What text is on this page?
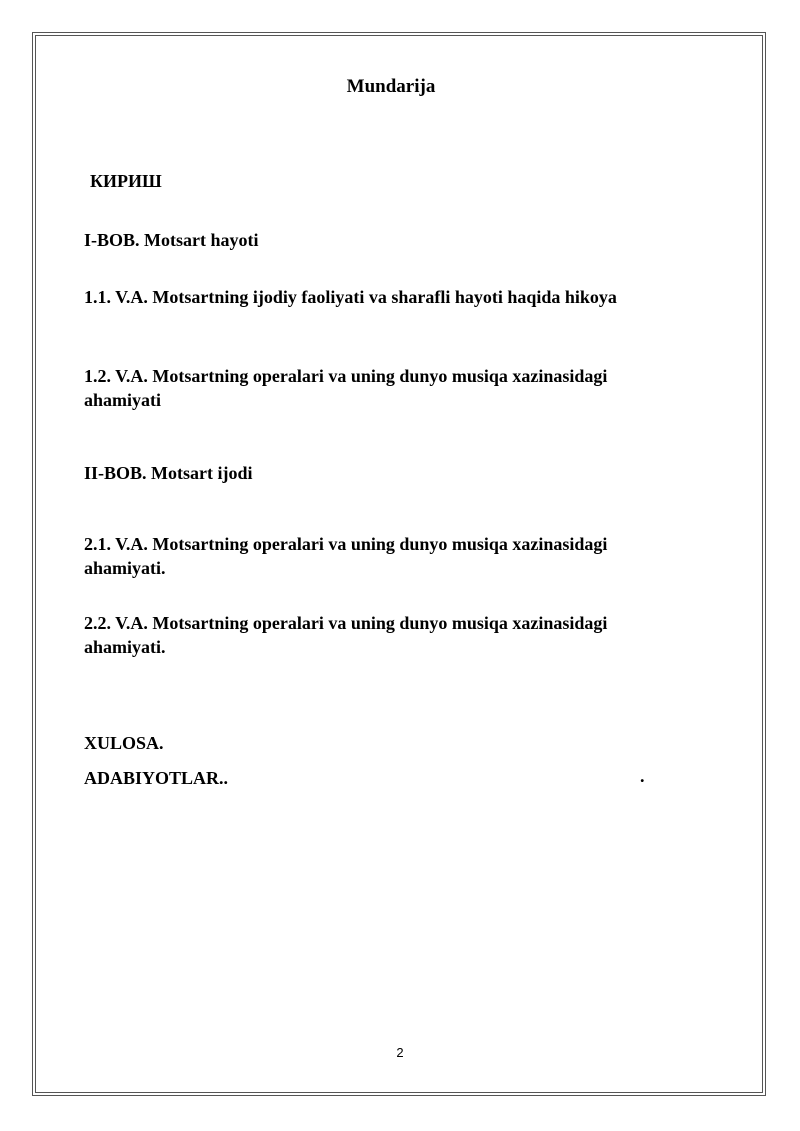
Mundarija
КИРИШ
I-BOB. Motsart hayoti
1.1. V.A. Motsartning ijodiy faoliyati va sharafli hayoti haqida hikoya
1.2. V.A. Motsartning operalari va uning dunyo musiqa xazinasidagi ahamiyati
II-BOB. Motsart ijodi
2.1. V.A. Motsartning operalari va uning dunyo musiqa xazinasidagi ahamiyati.
2.2. V.A. Motsartning operalari va uning dunyo musiqa xazinasidagi ahamiyati.
XULOSA.
ADABIYOTLAR..	.
2
